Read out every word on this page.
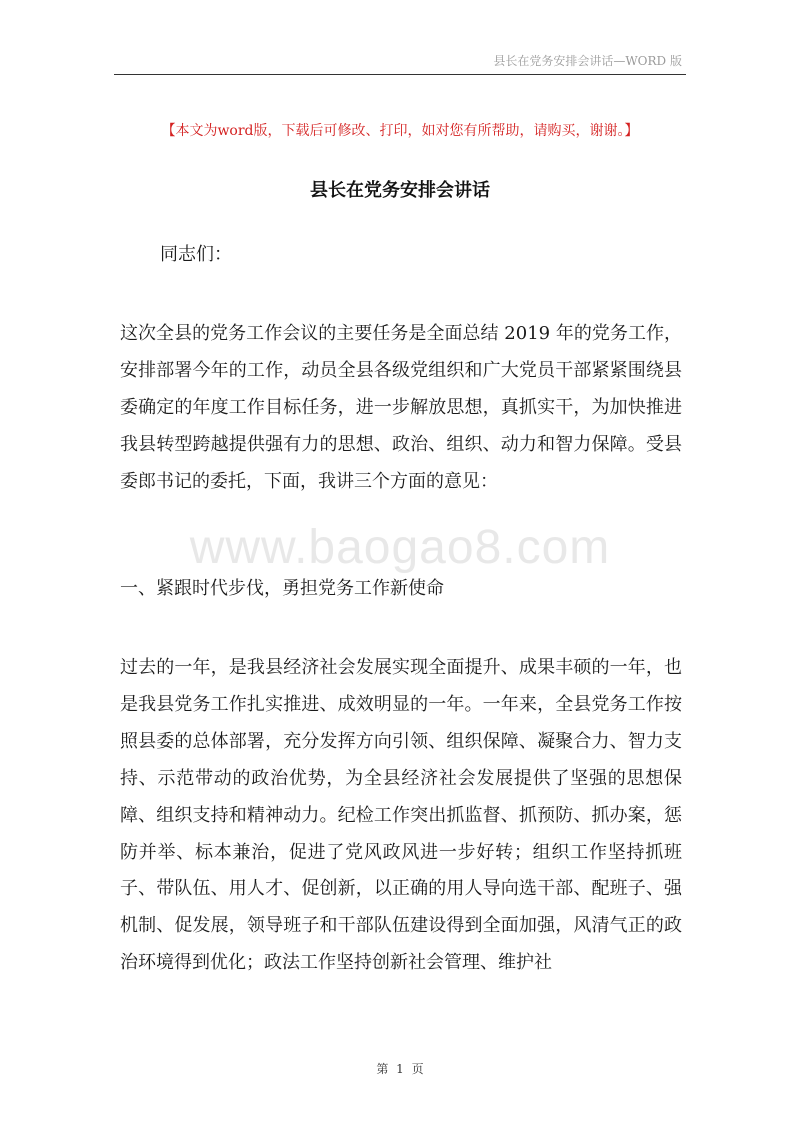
县长在党务安排会讲话—WORD 版
【本文为word版，下载后可修改、打印，如对您有所帮助，请购买，谢谢。】
县长在党务安排会讲话
同志们：

这次全县的党务工作会议的主要任务是全面总结 2019 年的党务工作，安排部署今年的工作，动员全县各级党组织和广大党员干部紧紧围绕县委确定的年度工作目标任务，进一步解放思想，真抓实干，为加快推进我县转型跨越提供强有力的思想、政治、组织、动力和智力保障。受县委郎书记的委托，下面，我讲三个方面的意见：

www.baogao8.com

一、紧跟时代步伐，勇担党务工作新使命

过去的一年，是我县经济社会发展实现全面提升、成果丰硕的一年，也是我县党务工作扎实推进、成效明显的一年。一年来，全县党务工作按照县委的总体部署，充分发挥方向引领、组织保障、凝聚合力、智力支持、示范带动的政治优势，为全县经济社会发展提供了坚强的思想保障、组织支持和精神动力。纪检工作突出抓监督、抓预防、抓办案，惩防并举、标本兼治，促进了党风政风进一步好转；组织工作坚持抓班子、带队伍、用人才、促创新，以正确的用人导向选干部、配班子、强机制、促发展，领导班子和干部队伍建设得到全面加强，风清气正的政治环境得到优化；政法工作坚持创新社会管理、维护社

第 1 页
